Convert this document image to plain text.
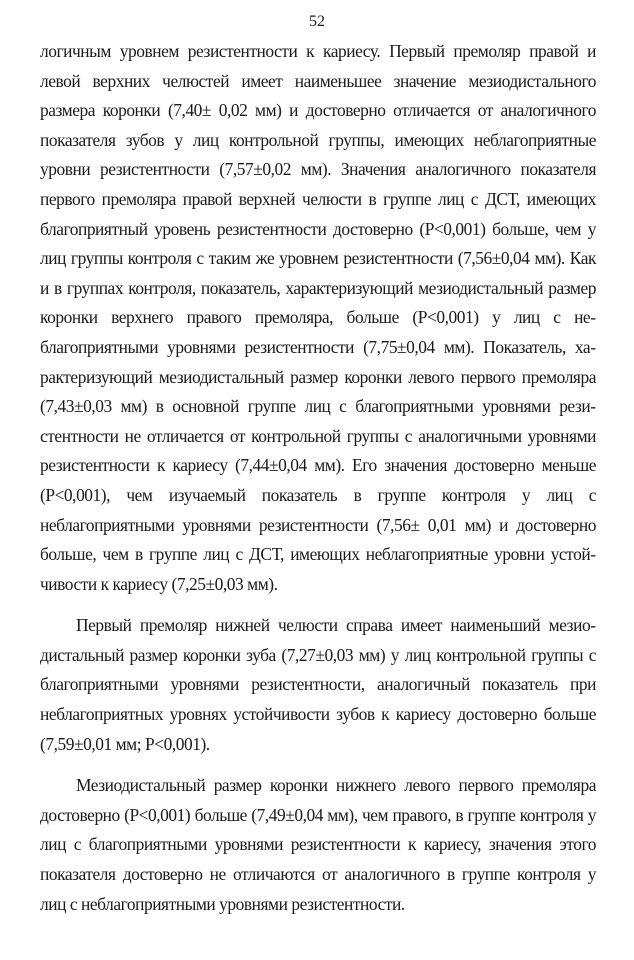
52

логичным уровнем резистентности к кариесу. Первый премоляр правой и левой верхних челюстей имеет наименьшее значение мезиодистального размера коронки (7,40± 0,02 мм) и достоверно отличается от аналогичного показателя зубов у лиц контрольной группы, имеющих неблагоприятные уровни резистентности (7,57±0,02 мм). Значения аналогичного показателя первого премоляра правой верхней челюсти в группе лиц с ДСТ, имеющих благоприятный уровень резистентности достоверно (Р<0,001) больше, чем у лиц группы контроля с таким же уровнем резистентности (7,56±0,04 мм). Как и в группах контроля, показатель, характеризующий мезиодистальный размер коронки верхнего правого премоляра, больше (Р<0,001) у лиц с неблагоприятными уровнями резистентности (7,75±0,04 мм). Показатель, характеризующий мезиодистальный размер коронки левого первого премоляра (7,43±0,03 мм) в основной группе лиц с благоприятными уровнями резистентности не отличается от контрольной группы с аналогичными уровнями резистентности к кариесу (7,44±0,04 мм). Его значения достоверно меньше (Р<0,001), чем изучаемый показатель в группе контроля у лиц с неблагоприятными уровнями резистентности (7,56± 0,01 мм) и достоверно больше, чем в группе лиц с ДСТ, имеющих неблагоприятные уровни устойчивости к кариесу (7,25±0,03 мм).

Первый премоляр нижней челюсти справа имеет наименьший мезиодистальный размер коронки зуба (7,27±0,03 мм) у лиц контрольной группы с благоприятными уровнями резистентности, аналогичный показатель при неблагоприятных уровнях устойчивости зубов к кариесу достоверно больше (7,59±0,01 мм; Р<0,001).

Мезиодистальный размер коронки нижнего левого первого премоляра достоверно (Р<0,001) больше (7,49±0,04 мм), чем правого, в группе контроля у лиц с благоприятными уровнями резистентности к кариесу, значения этого показателя достоверно не отличаются от аналогичного в группе контроля у лиц с неблагоприятными уровнями резистентности.
